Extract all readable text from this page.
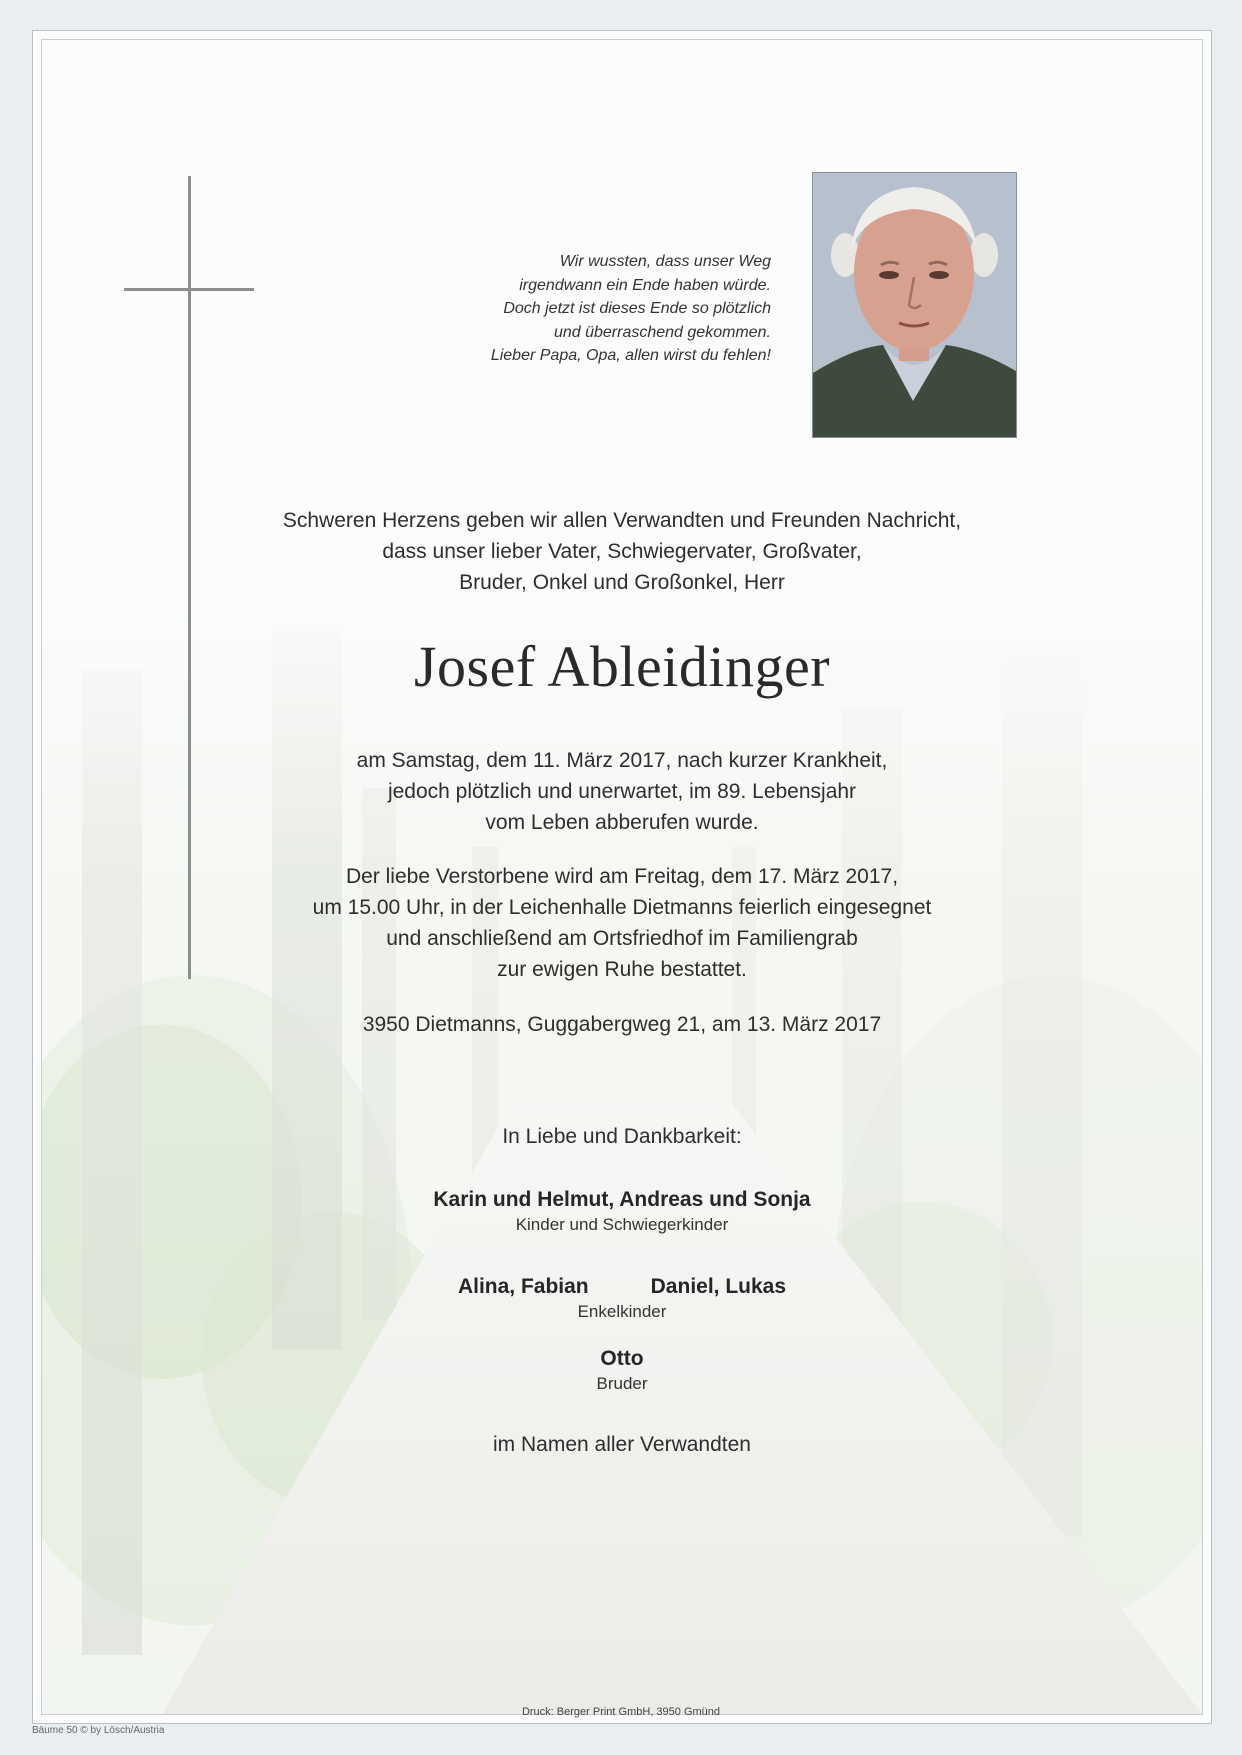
Wir wussten, dass unser Weg
irgendwann ein Ende haben würde.
Doch jetzt ist dieses Ende so plötzlich
und überraschend gekommen.
Lieber Papa, Opa, allen wirst du fehlen!
Schweren Herzens geben wir allen Verwandten und Freunden Nachricht,
dass unser lieber Vater, Schwiegervater, Großvater,
Bruder, Onkel und Großonkel, Herr
Josef Ableidinger
am Samstag, dem 11. März 2017, nach kurzer Krankheit,
jedoch plötzlich und unerwartet, im 89. Lebensjahr
vom Leben abberufen wurde.
Der liebe Verstorbene wird am Freitag, dem 17. März 2017,
um 15.00 Uhr, in der Leichenhalle Dietmanns feierlich eingesegnet
und anschließend am Ortsfriedhof im Familiengrab
zur ewigen Ruhe bestattet.
3950 Dietmanns, Guggabergweg 21, am 13. März 2017
In Liebe und Dankbarkeit:
Karin und Helmut, Andreas und Sonja
Kinder und Schwiegerkinder
Alina, Fabian	Daniel, Lukas
Enkelkinder
Otto
Bruder
im Namen aller Verwandten
Druck: Berger Print GmbH, 3950 Gmünd
Bäume 50 © by Lösch/Austria
